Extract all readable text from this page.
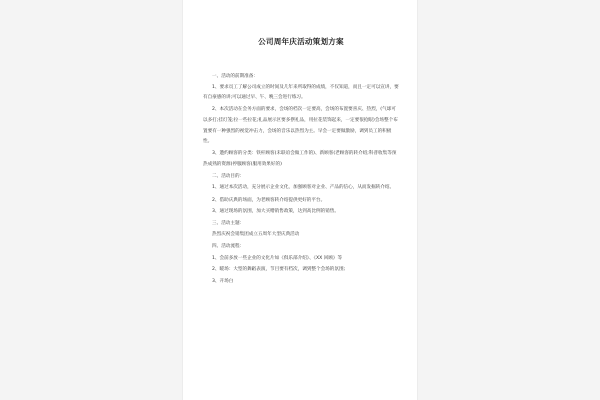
公司周年庆活动策划方案
一、活动的前期准备：
1、要求员工了解公司成立的时间及几年来所取得的成绩，不仅知道，而且一定可以宣讲，要有自豪感的讲;可以通过早、午、晚三会进行练习。
2、本次活动在会务方面的要求，会场的档次一定要高，会场的布置要喜庆、热烈，(气球可以多打;挂灯笼;拉一些拉花;礼品展示区要多摆礼品，用拉花装饰起来，一定要很抢眼)会场整个布置要有一种强烈的视觉冲击力，会场的音乐以热烈为主。早会一定要做激励，调到员工的积极性。
3、邀约顾客的分类：铁杆顾客(未联谊会做工作的)、新顾客(老顾客的转介绍;科普收集等预热成熟的资源)停服顾客(服用效果好的)
二、活动目的：
1、通过本次活动，充分展示企业文化，加强顾客对企业、产品的信心，从而发掘转介绍。
2、借助庆典的场面，为老顾客转介绍提供更好的平台。
3、通过现场的氛围，加大买赠销售政策，达到高比例的销售。
三、活动主题：
热烈庆祝会销集团成立五周年大型庆典活动
四、活动流程：
1、会前多放一些企业的文化片如《俱乐部介绍》、《XX 回顾》等
2、暖场：大型的舞蹈表演，节目要有档次，调到整个会场的氛围;
3、开场白
